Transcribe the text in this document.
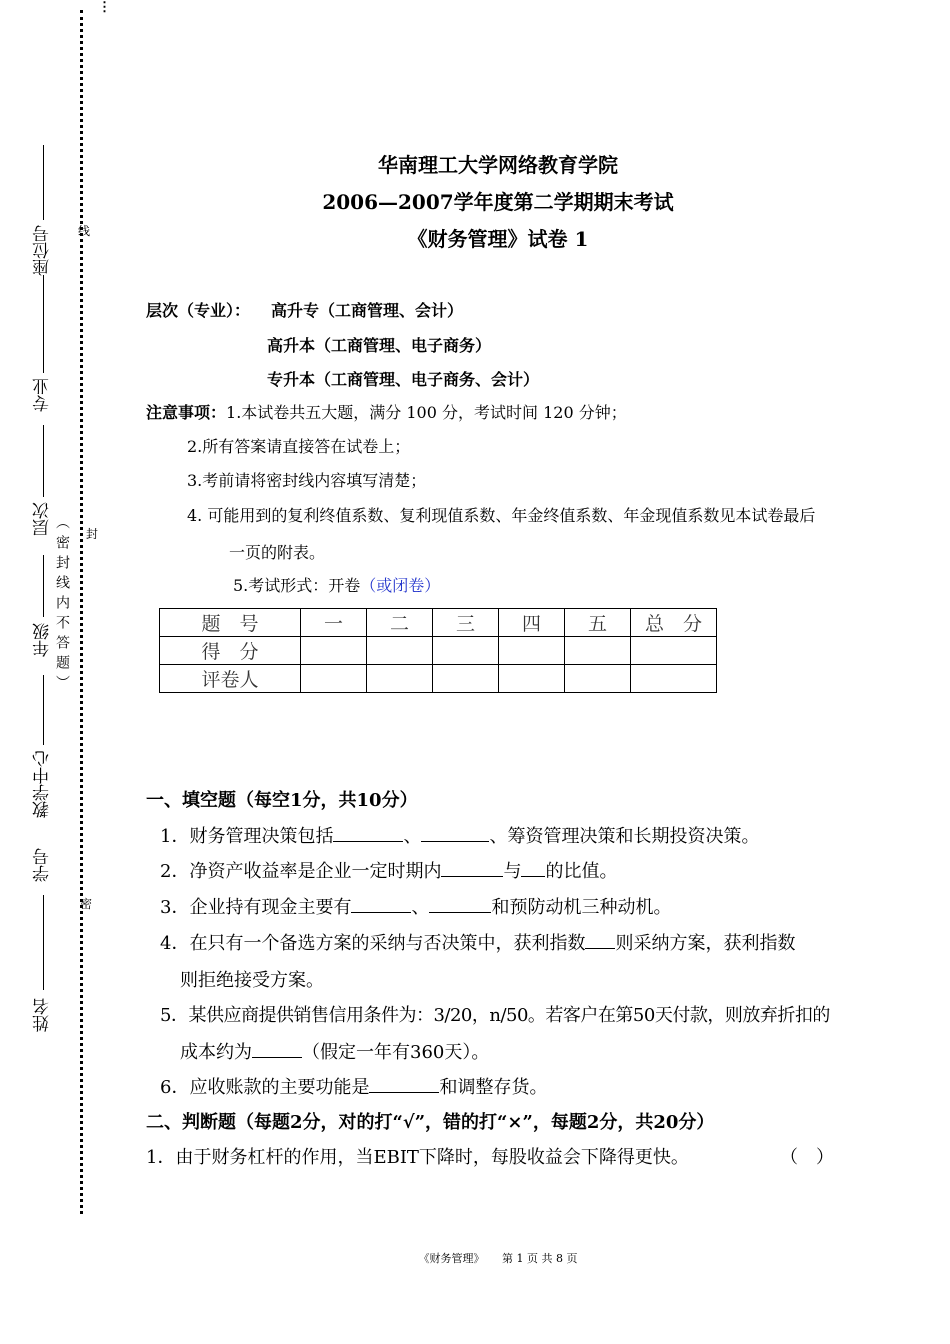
⋮
座位号
专业
层次
年级
教学中心
学号
姓名
（密封线内不答题）
线
封
密
华南理工大学网络教育学院
2006—2007学年度第二学期期末考试
《财务管理》试卷 1
层次（专业）： 高升专（工商管理、会计）
高升本（工商管理、电子商务）
专升本（工商管理、电子商务、会计）
注意事项：1.本试卷共五大题，满分 100 分，考试时间 120 分钟；
2.所有答案请直接答在试卷上；
3.考前请将密封线内容填写清楚；
4. 可能用到的复利终值系数、复利现值系数、年金终值系数、年金现值系数见本试卷最后
一页的附表。
5.考试形式：开卷（或闭卷）
题　号	一	二	三	四	五	总　分
得　分						
评卷人						
一、填空题（每空1分，共10分）
1．财务管理决策包括	、	、筹资管理决策和长期投资决策。
2．净资产收益率是企业一定时期内	与 的比值。
3．企业持有现金主要有	、	和预防动机三种动机。
4．在只有一个备选方案的采纳与否决策中，获利指数 则采纳方案，获利指数
则拒绝接受方案。
5．某供应商提供销售信用条件为：3/20，n/50。若客户在第50天付款，则放弃折扣的
成本约为	（假定一年有360天）。
6．应收账款的主要功能是	和调整存货。
二、判断题（每题2分，对的打“√”，错的打“×”，每题2分，共20分）
1．由于财务杠杆的作用，当EBIT下降时，每股收益会下降得更快。	（　）
《财务管理》 第 1 页 共 8 页
